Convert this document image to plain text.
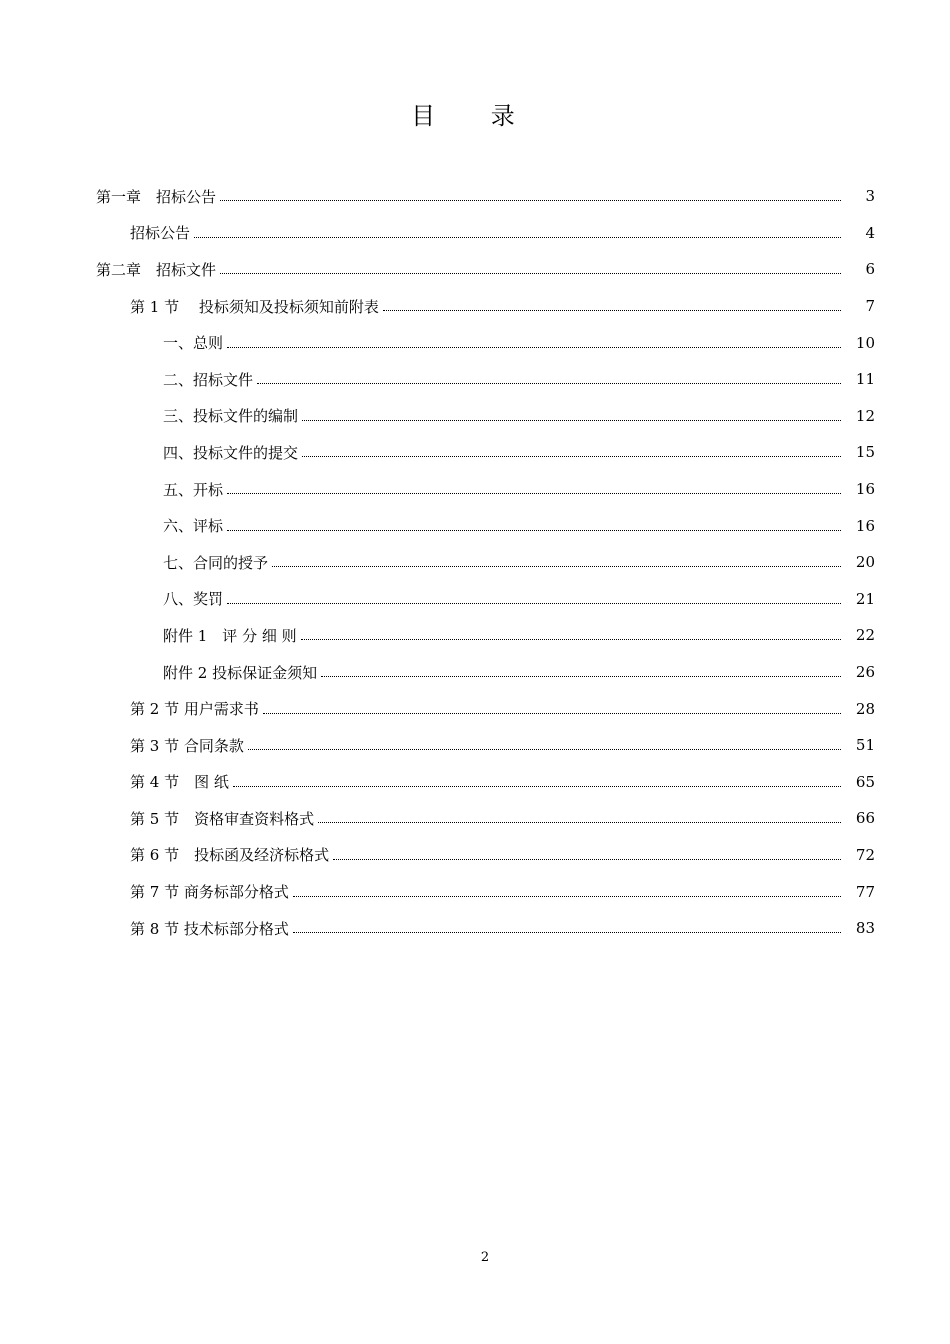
目 录
第一章　招标公告	3
招标公告	4
第二章　招标文件	6
第 1 节　 投标须知及投标须知前附表	7
一、总则	10
二、招标文件	11
三、投标文件的编制	12
四、投标文件的提交	15
五、开标	16
六、评标	16
七、合同的授予	20
八、奖罚	21
附件 1　评 分 细 则	22
附件 2 投标保证金须知	26
第 2 节 用户需求书	28
第 3 节 合同条款	51
第 4 节　图 纸	65
第 5 节　资格审查资料格式	66
第 6 节　投标函及经济标格式	72
第 7 节 商务标部分格式	77
第 8 节 技术标部分格式	83
2
